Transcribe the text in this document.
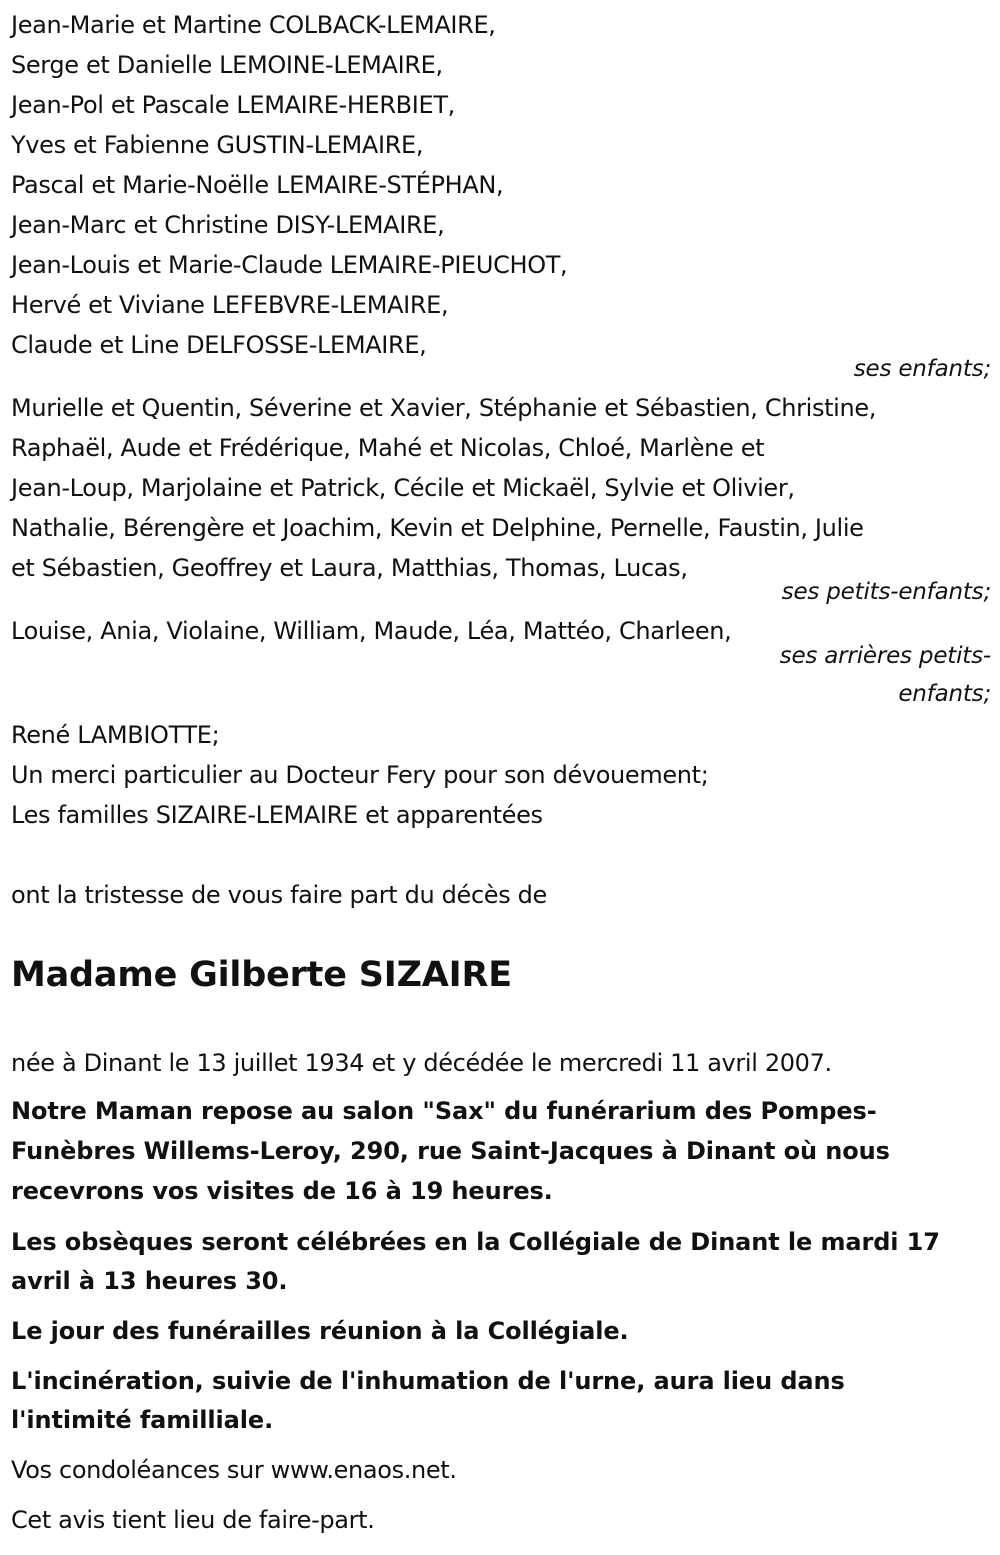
Jean-Marie et Martine COLBACK-LEMAIRE,
Serge et Danielle LEMOINE-LEMAIRE,
Jean-Pol et Pascale LEMAIRE-HERBIET,
Yves et Fabienne GUSTIN-LEMAIRE,
Pascal et Marie-Noëlle LEMAIRE-STÉPHAN,
Jean-Marc et Christine DISY-LEMAIRE,
Jean-Louis et Marie-Claude LEMAIRE-PIEUCHOT,
Hervé et Viviane LEFEBVRE-LEMAIRE,
Claude et Line DELFOSSE-LEMAIRE,
ses enfants;
Murielle et Quentin, Séverine et Xavier, Stéphanie et Sébastien, Christine,
Raphaël, Aude et Frédérique, Mahé et Nicolas, Chloé, Marlène et
Jean-Loup, Marjolaine et Patrick, Cécile et Mickaël, Sylvie et Olivier,
Nathalie, Bérengère et Joachim, Kevin et Delphine, Pernelle, Faustin, Julie
et Sébastien, Geoffrey et Laura, Matthias, Thomas, Lucas,
ses petits-enfants;
Louise, Ania, Violaine, William, Maude, Léa, Mattéo, Charleen,
ses arrières petits-
enfants;
René LAMBIOTTE;
Un merci particulier au Docteur Fery pour son dévouement;
Les familles SIZAIRE-LEMAIRE et apparentées
ont la tristesse de vous faire part du décès de
Madame Gilberte SIZAIRE
née à Dinant le 13 juillet 1934 et y décédée le mercredi 11 avril 2007.
Notre Maman repose au salon "Sax" du funérarium des Pompes-
Funèbres Willems-Leroy, 290, rue Saint-Jacques à Dinant où nous
recevrons vos visites de 16 à 19 heures.
Les obsèques seront célébrées en la Collégiale de Dinant le mardi 17
avril à 13 heures 30.
Le jour des funérailles réunion à la Collégiale.
L'incinération, suivie de l'inhumation de l'urne, aura lieu dans
l'intimité familliale.
Vos condoléances sur www.enaos.net.
Cet avis tient lieu de faire-part.
